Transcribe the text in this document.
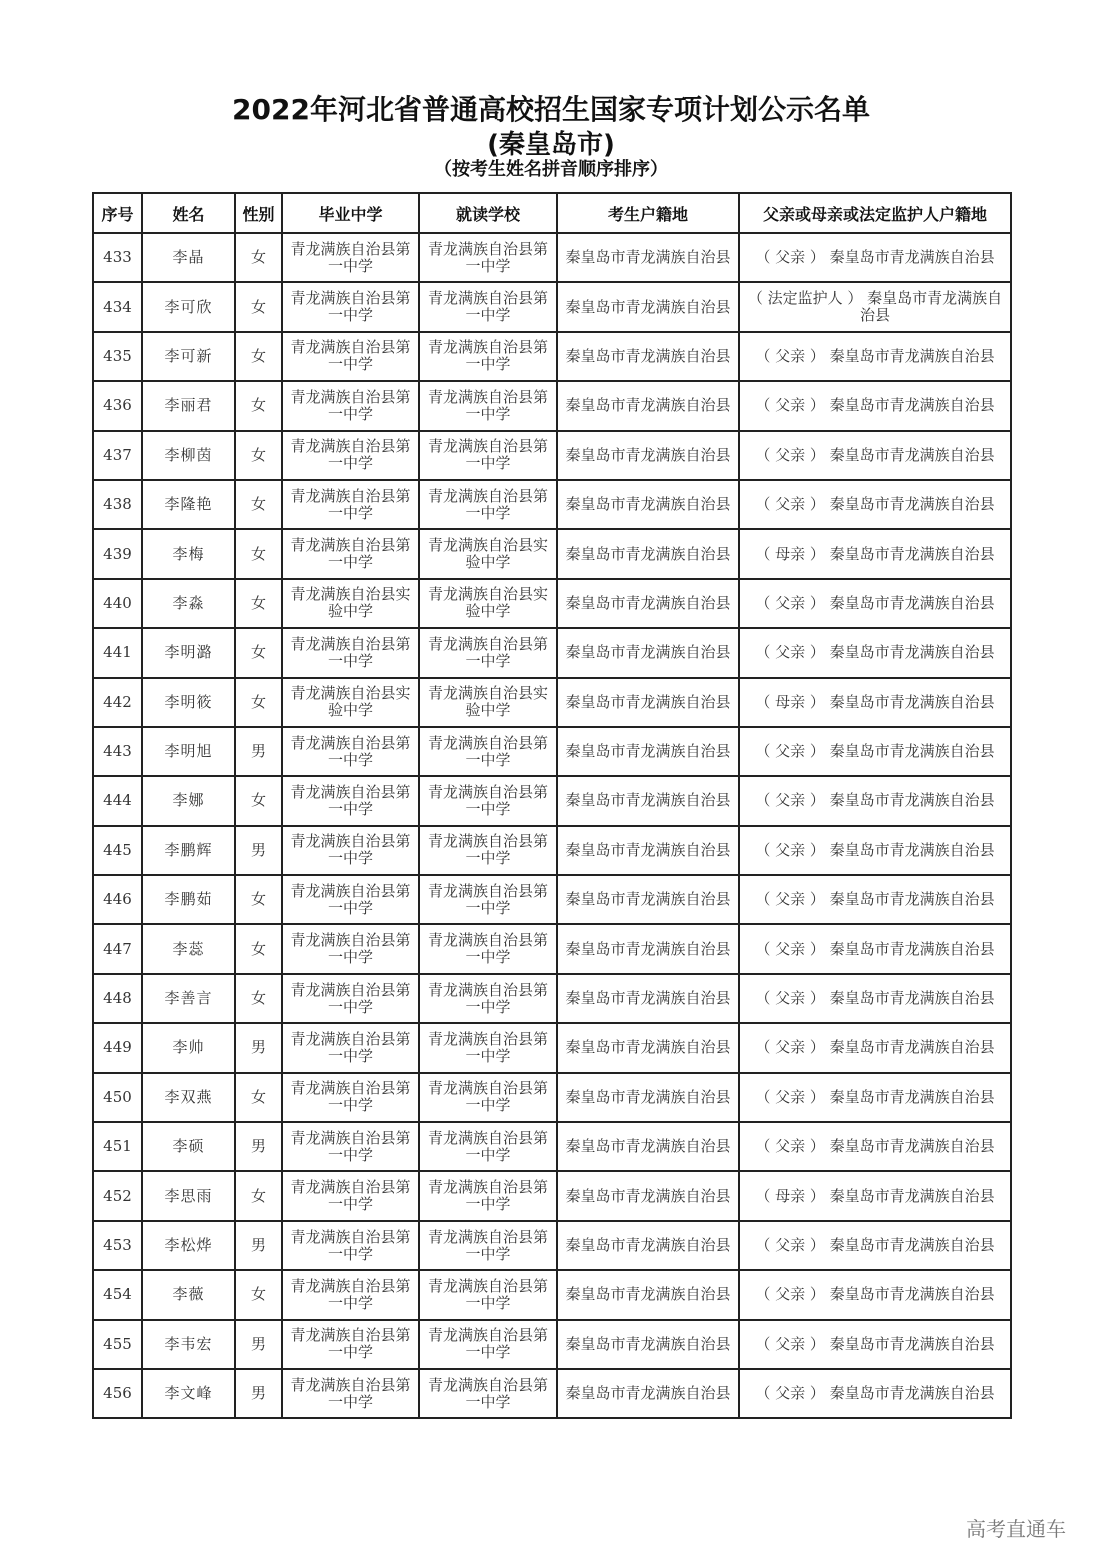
2022年河北省普通高校招生国家专项计划公示名单
(秦皇岛市)
（按考生姓名拼音顺序排序）
序号	姓名	性别	毕业中学	就读学校	考生户籍地	父亲或母亲或法定监护人户籍地
433	李晶	女	青龙满族自治县第一中学	青龙满族自治县第一中学	秦皇岛市青龙满族自治县	（ 父亲 ） 秦皇岛市青龙满族自治县
434	李可欣	女	青龙满族自治县第一中学	青龙满族自治县第一中学	秦皇岛市青龙满族自治县	（ 法定监护人 ） 秦皇岛市青龙满族自治县
435	李可新	女	青龙满族自治县第一中学	青龙满族自治县第一中学	秦皇岛市青龙满族自治县	（ 父亲 ） 秦皇岛市青龙满族自治县
436	李丽君	女	青龙满族自治县第一中学	青龙满族自治县第一中学	秦皇岛市青龙满族自治县	（ 父亲 ） 秦皇岛市青龙满族自治县
437	李柳茵	女	青龙满族自治县第一中学	青龙满族自治县第一中学	秦皇岛市青龙满族自治县	（ 父亲 ） 秦皇岛市青龙满族自治县
438	李隆艳	女	青龙满族自治县第一中学	青龙满族自治县第一中学	秦皇岛市青龙满族自治县	（ 父亲 ） 秦皇岛市青龙满族自治县
439	李梅	女	青龙满族自治县第一中学	青龙满族自治县实验中学	秦皇岛市青龙满族自治县	（ 母亲 ） 秦皇岛市青龙满族自治县
440	李淼	女	青龙满族自治县实验中学	青龙满族自治县实验中学	秦皇岛市青龙满族自治县	（ 父亲 ） 秦皇岛市青龙满族自治县
441	李明潞	女	青龙满族自治县第一中学	青龙满族自治县第一中学	秦皇岛市青龙满族自治县	（ 父亲 ） 秦皇岛市青龙满族自治县
442	李明筱	女	青龙满族自治县实验中学	青龙满族自治县实验中学	秦皇岛市青龙满族自治县	（ 母亲 ） 秦皇岛市青龙满族自治县
443	李明旭	男	青龙满族自治县第一中学	青龙满族自治县第一中学	秦皇岛市青龙满族自治县	（ 父亲 ） 秦皇岛市青龙满族自治县
444	李娜	女	青龙满族自治县第一中学	青龙满族自治县第一中学	秦皇岛市青龙满族自治县	（ 父亲 ） 秦皇岛市青龙满族自治县
445	李鹏辉	男	青龙满族自治县第一中学	青龙满族自治县第一中学	秦皇岛市青龙满族自治县	（ 父亲 ） 秦皇岛市青龙满族自治县
446	李鹏茹	女	青龙满族自治县第一中学	青龙满族自治县第一中学	秦皇岛市青龙满族自治县	（ 父亲 ） 秦皇岛市青龙满族自治县
447	李蕊	女	青龙满族自治县第一中学	青龙满族自治县第一中学	秦皇岛市青龙满族自治县	（ 父亲 ） 秦皇岛市青龙满族自治县
448	李善言	女	青龙满族自治县第一中学	青龙满族自治县第一中学	秦皇岛市青龙满族自治县	（ 父亲 ） 秦皇岛市青龙满族自治县
449	李帅	男	青龙满族自治县第一中学	青龙满族自治县第一中学	秦皇岛市青龙满族自治县	（ 父亲 ） 秦皇岛市青龙满族自治县
450	李双燕	女	青龙满族自治县第一中学	青龙满族自治县第一中学	秦皇岛市青龙满族自治县	（ 父亲 ） 秦皇岛市青龙满族自治县
451	李硕	男	青龙满族自治县第一中学	青龙满族自治县第一中学	秦皇岛市青龙满族自治县	（ 父亲 ） 秦皇岛市青龙满族自治县
452	李思雨	女	青龙满族自治县第一中学	青龙满族自治县第一中学	秦皇岛市青龙满族自治县	（ 母亲 ） 秦皇岛市青龙满族自治县
453	李松烨	男	青龙满族自治县第一中学	青龙满族自治县第一中学	秦皇岛市青龙满族自治县	（ 父亲 ） 秦皇岛市青龙满族自治县
454	李薇	女	青龙满族自治县第一中学	青龙满族自治县第一中学	秦皇岛市青龙满族自治县	（ 父亲 ） 秦皇岛市青龙满族自治县
455	李韦宏	男	青龙满族自治县第一中学	青龙满族自治县第一中学	秦皇岛市青龙满族自治县	（ 父亲 ） 秦皇岛市青龙满族自治县
456	李文峰	男	青龙满族自治县第一中学	青龙满族自治县第一中学	秦皇岛市青龙满族自治县	（ 父亲 ） 秦皇岛市青龙满族自治县
高考直通车
